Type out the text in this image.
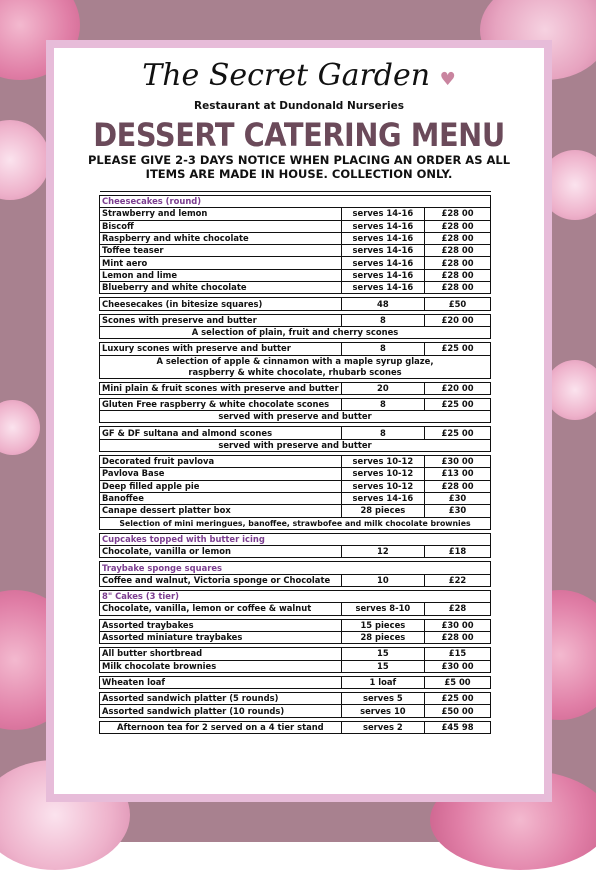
The Secret Garden ♥
Restaurant at Dundonald Nurseries
DESSERT CATERING MENU
PLEASE GIVE 2-3 DAYS NOTICE WHEN PLACING AN ORDER AS ALL ITEMS ARE MADE IN HOUSE. COLLECTION ONLY.

Cheesecakes (round)		
Strawberry and lemon	serves 14-16	£28 00
Biscoff	serves 14-16	£28 00
Raspberry and white chocolate	serves 14-16	£28 00
Toffee teaser	serves 14-16	£28 00
Mint aero	serves 14-16	£28 00
Lemon and lime	serves 14-16	£28 00
Blueberry and white chocolate	serves 14-16	£28 00

Cheesecakes (in bitesize squares)	48	£50

Scones with preserve and butter	8	£20 00
A selection of plain, fruit and cherry scones		

Luxury scones with preserve and butter	8	£25 00
A selection of apple & cinnamon with a maple syrup glaze, raspberry & white chocolate, rhubarb scones		

Mini plain & fruit scones with preserve and butter	20	£20 00

Gluten Free raspberry & white chocolate scones	8	£25 00
served with preserve and butter		

GF & DF sultana and almond scones	8	£25 00
served with preserve and butter		

Decorated fruit pavlova	serves 10-12	£30 00
Pavlova Base	serves 10-12	£13 00
Deep filled apple pie	serves 10-12	£28 00
Banoffee	serves 14-16	£30
Canape dessert platter box	28 pieces	£30
Selection of mini meringues, banoffee, strawbofee and milk chocolate brownies		

Cupcakes topped with butter icing		
Chocolate, vanilla or lemon	12	£18

Traybake sponge squares		
Coffee and walnut, Victoria sponge or Chocolate	10	£22

8" Cakes (3 tier)		
Chocolate, vanilla, lemon or coffee & walnut	serves 8-10	£28

Assorted traybakes	15 pieces	£30 00
Assorted miniature traybakes	28 pieces	£28 00

All butter shortbread	15	£15
Milk chocolate brownies	15	£30 00

Wheaten loaf	1 loaf	£5 00

Assorted sandwich platter (5 rounds)	serves 5	£25 00
Assorted sandwich platter (10 rounds)	serves 10	£50 00

Afternoon tea for 2 served on a 4 tier stand	serves 2	£45 98
